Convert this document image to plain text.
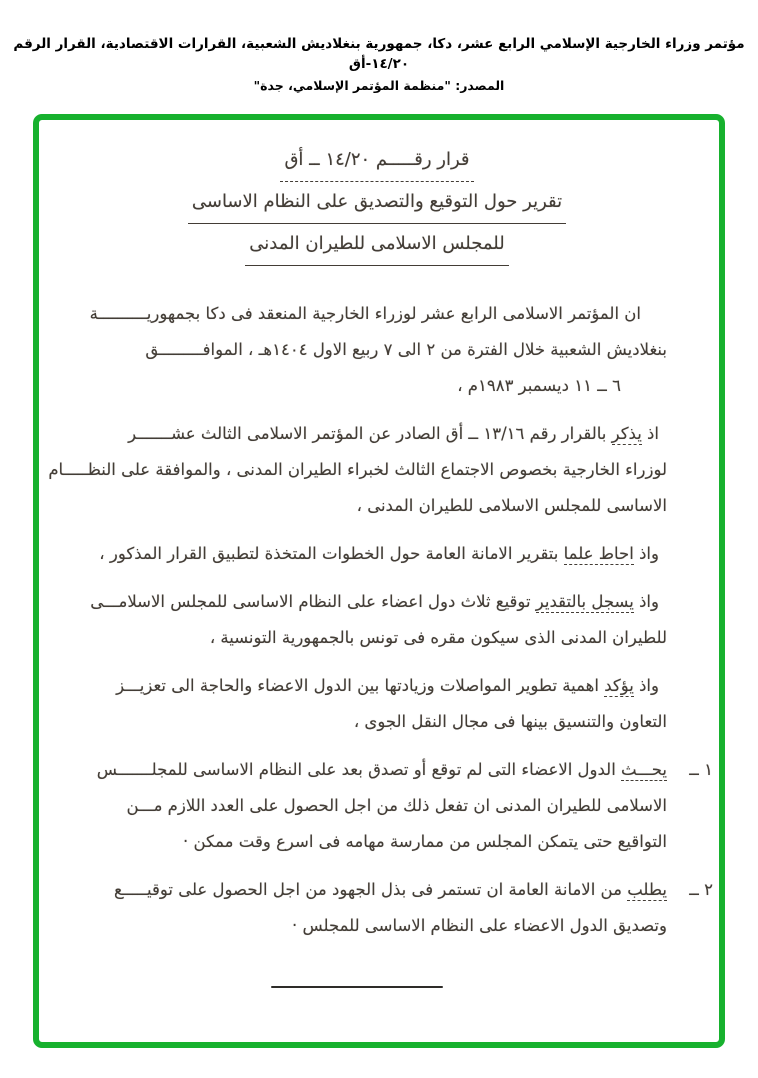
مؤتمر وزراء الخارجية الإسلامي الرابع عشر، دكا، جمهورية بنغلاديش الشعبية، القرارات الاقتصادية، القرار الرقم ١٤/٢٠-أق
المصدر: "منظمة المؤتمر الإسلامي، جدة"
قرار رقـــــم ١٤/٢٠ ــ أق
تقرير حول التوقيع والتصديق على النظام الاساسى
للمجلس الاسلامى للطيران المدنى
ان المؤتمر الاسلامى الرابع عشر لوزراء الخارجية المنعقد فى دكا بجمهوريــــــــــة
بنغلاديش الشعبية خلال الفترة من ٢ الى ٧ ربيع الاول ١٤٠٤هـ ، الموافـــــــــق
٦ ــ ١١ ديسمبر ١٩٨٣م ،
اذ يذكر بالقرار رقم ١٣/١٦ ــ أق الصادر عن المؤتمر الاسلامى الثالث عشـــــــر
لوزراء الخارجية بخصوص الاجتماع الثالث لخبراء الطيران المدنى ، والموافقة على النظـــــام
الاساسى للمجلس الاسلامى للطيران المدنى ،
واذ احاط علما بتقرير الامانة العامة حول الخطوات المتخذة لتطبيق القرار المذكور ،
واذ يسجل بالتقدير توقيع ثلاث دول اعضاء على النظام الاساسى للمجلس الاسلامـــى
للطيران المدنى الذى سيكون مقره فى تونس بالجمهورية التونسية ،
واذ يؤكد اهمية تطوير المواصلات وزيادتها بين الدول الاعضاء والحاجة الى تعزيـــز
التعاون والتنسيق بينها فى مجال النقل الجوى ،
١ ــ
يحـــث الدول الاعضاء التى لم توقع أو تصدق بعد على النظام الاساسى للمجلـــــــس
الاسلامى للطيران المدنى ان تفعل ذلك من اجل الحصول على العدد اللازم مـــن
التواقيع حتى يتمكن المجلس من ممارسة مهامه فى اسرع وقت ممكن ·
٢ ــ
يطلب من الامانة العامة ان تستمر فى بذل الجهود من اجل الحصول على توقيـــــع
وتصديق الدول الاعضاء على النظام الاساسى للمجلس ·
